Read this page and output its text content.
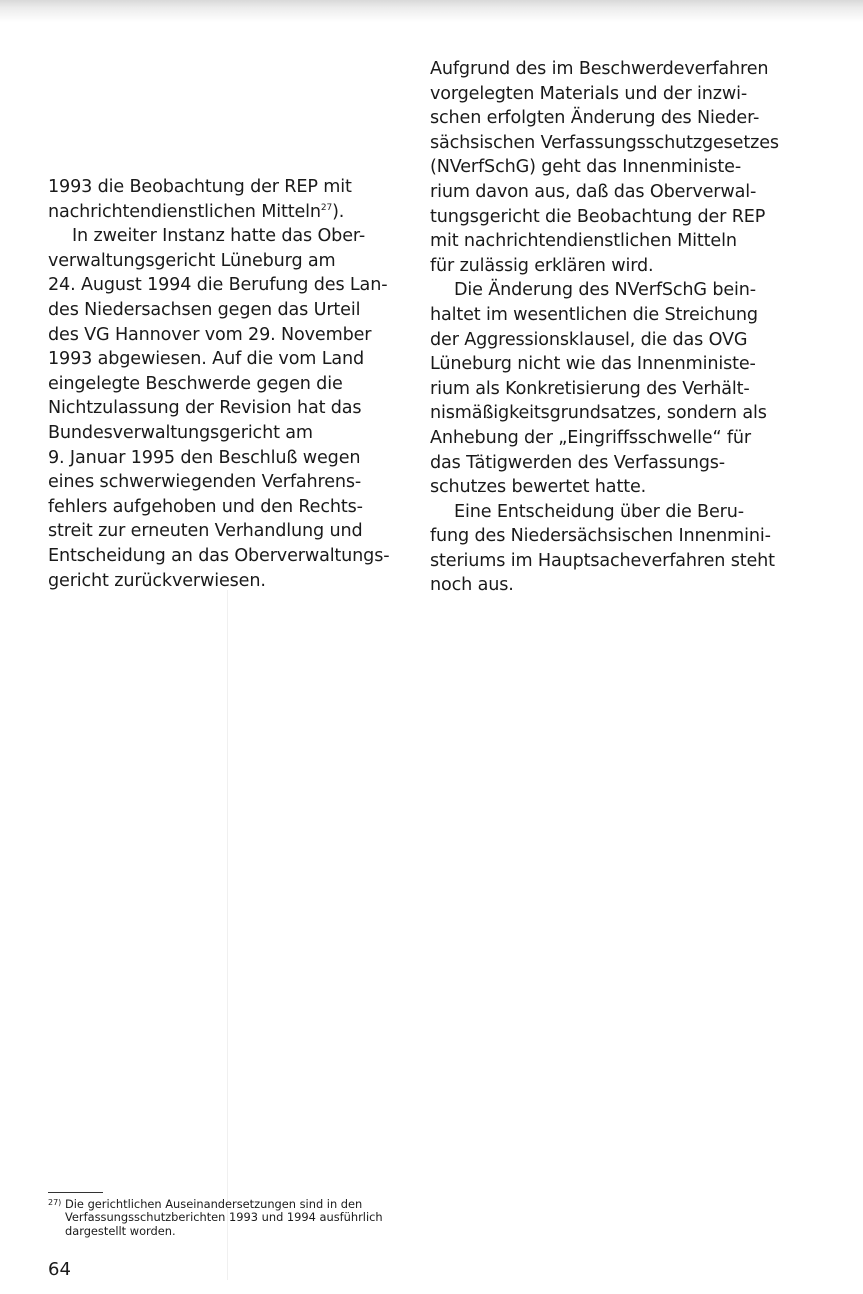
1993 die Beobachtung der REP mit
nachrichtendienstlichen Mitteln$^{27}$).
In zweiter Instanz hatte das Ober-
verwaltungsgericht Lüneburg am
24. August 1994 die Berufung des Lan-
des Niedersachsen gegen das Urteil
des VG Hannover vom 29. November
1993 abgewiesen. Auf die vom Land
eingelegte Beschwerde gegen die
Nichtzulassung der Revision hat das
Bundesverwaltungsgericht am
9. Januar 1995 den Beschluß wegen
eines schwerwiegenden Verfahrens-
fehlers aufgehoben und den Rechts-
streit zur erneuten Verhandlung und
Entscheidung an das Oberverwaltungs-
gericht zurückverwiesen.
Aufgrund des im Beschwerdeverfahren
vorgelegten Materials und der inzwi-
schen erfolgten Änderung des Nieder-
sächsischen Verfassungsschutzgesetzes
(NVerfSchG) geht das Innenministe-
rium davon aus, daß das Oberverwal-
tungsgericht die Beobachtung der REP
mit nachrichtendienstlichen Mitteln
für zulässig erklären wird.
Die Änderung des NVerfSchG bein-
haltet im wesentlichen die Streichung
der Aggressionsklausel, die das OVG
Lüneburg nicht wie das Innenministe-
rium als Konkretisierung des Verhält-
nismäßigkeitsgrundsatzes, sondern als
Anhebung der „Eingriffsschwelle“ für
das Tätigwerden des Verfassungs-
schutzes bewertet hatte.
Eine Entscheidung über die Beru-
fung des Niedersächsischen Innenmini-
steriums im Hauptsacheverfahren steht
noch aus.
27) Die gerichtlichen Auseinandersetzungen sind in den
Verfassungsschutzberichten 1993 und 1994 ausführlich
dargestellt worden.
64
